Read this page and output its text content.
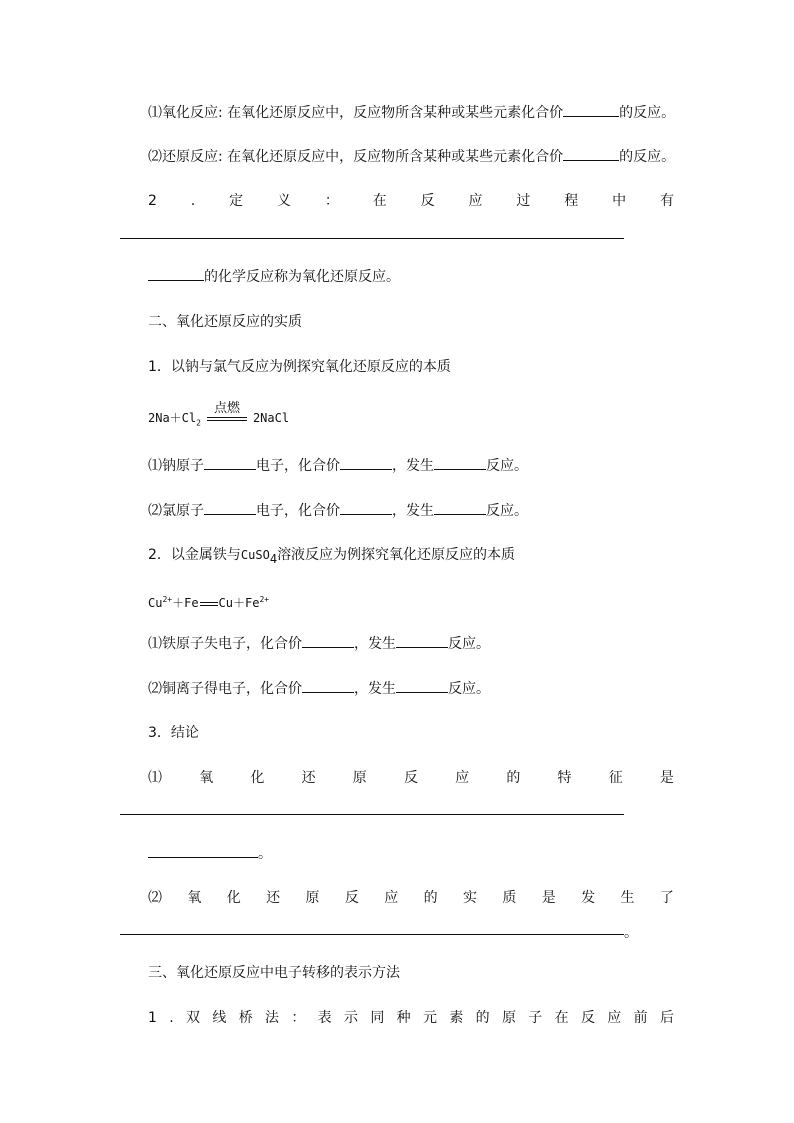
⑴氧化反应: 在氧化还原反应中，反应物所含某种或某些元素化合价	的反应。
⑵还原反应: 在氧化还原反应中，反应物所含某种或某些元素化合价	的反应。
2 . 定 义 ： 在 反 应 过 程 中 有
的化学反应称为氧化还原反应。
二、氧化还原反应的实质
1．以钠与氯气反应为例探究氧化还原反应的本质
$2Na+Cl_2$
点燃
2NaCl
⑴钠原子	电子，化合价	，发生	反应。
⑵氯原子	电子，化合价	，发生	反应。
2．以金属铁与CuSO$_4$溶液反应为例探究氧化还原反应的本质
$Cu^{2+}+Fe$ $Cu+Fe^{2+}$
⑴铁原子失电子，化合价	，发生	反应。
⑵铜离子得电子，化合价	，发生	反应。
3．结论
⑴	氧	化	还	原	反	应	的	特	征	是
。
⑵ 氧 化 还 原 反 应 的 实 质 是 发 生 了
。
三、氧化还原反应中电子转移的表示方法
1 . 双 线 桥 法 ： 表 示 同 种 元 素 的 原 子 在 反 应 前 后
